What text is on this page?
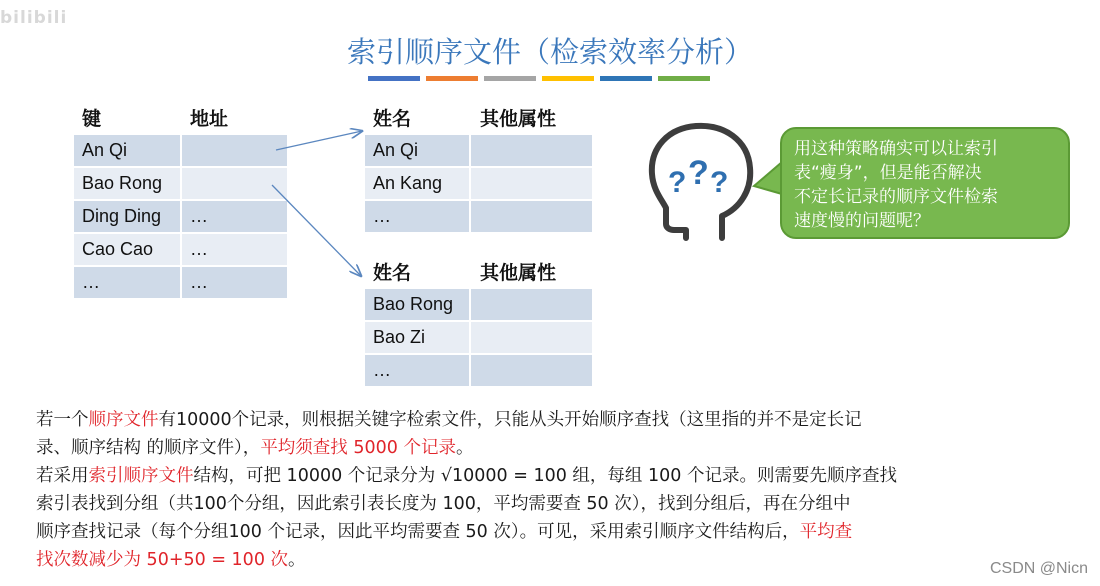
bilibili
索引顺序文件（检索效率分析）
键	地址
An Qi	
Bao Rong	
Ding Ding	…
Cao Cao	…
…	…
姓名	其他属性
An Qi	
An Kang	
…	
姓名	其他属性
Bao Rong	
Bao Zi	
…	
? ? ?
用这种策略确实可以让索引
表“瘦身”，但是能否解决
不定长记录的顺序文件检索
速度慢的问题呢？
若一个顺序文件有10000个记录，则根据关键字检索文件，只能从头开始顺序查找（这里指的并不是定长记
录、顺序结构 的顺序文件），平均须查找 5000 个记录。
若采用索引顺序文件结构，可把 10000 个记录分为 √10000 = 100 组，每组 100 个记录。则需要先顺序查找
索引表找到分组（共100个分组，因此索引表长度为 100，平均需要查 50 次），找到分组后，再在分组中
顺序查找记录（每个分组100 个记录，因此平均需要查 50 次）。可见，采用索引顺序文件结构后，平均查
找次数减少为 50+50 = 100 次。	CSDN @Nicn
